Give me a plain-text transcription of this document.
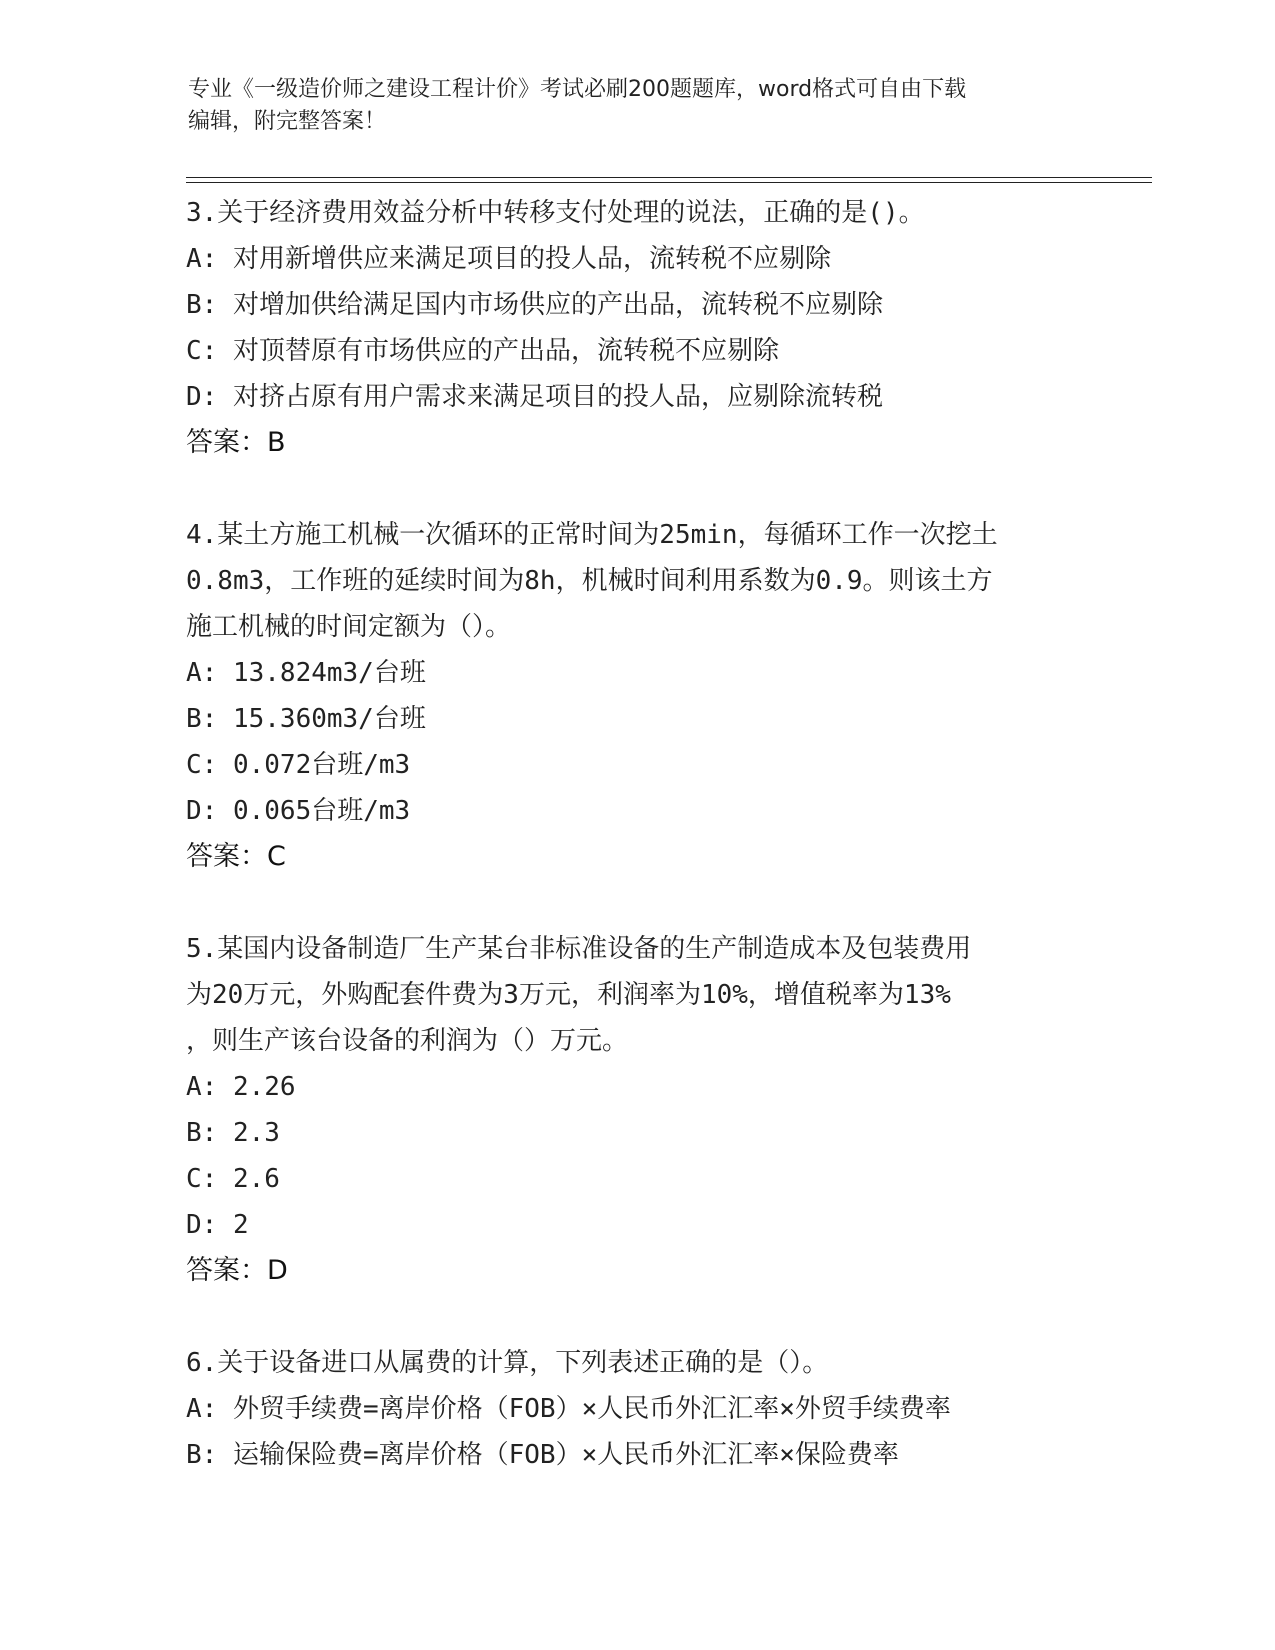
专业《一级造价师之建设工程计价》考试必刷200题题库，word格式可自由下载
编辑，附完整答案！
3.关于经济费用效益分析中转移支付处理的说法，正确的是()。
A: 对用新增供应来满足项目的投人品，流转税不应剔除
B: 对增加供给满足国内市场供应的产出品，流转税不应剔除
C: 对顶替原有市场供应的产出品，流转税不应剔除
D: 对挤占原有用户需求来满足项目的投人品，应剔除流转税
答案：B
4.某土方施工机械一次循环的正常时间为25min，每循环工作一次挖土
0.8m3，工作班的延续时间为8h，机械时间利用系数为0.9。则该土方
施工机械的时间定额为（）。
A: 13.824m3/台班
B: 15.360m3/台班
C: 0.072台班/m3
D: 0.065台班/m3
答案：C
5.某国内设备制造厂生产某台非标准设备的生产制造成本及包装费用
为20万元，外购配套件费为3万元，利润率为10%，增值税率为13%
，则生产该台设备的利润为（）万元。
A: 2.26
B: 2.3
C: 2.6
D: 2
答案：D
6.关于设备进口从属费的计算，下列表述正确的是（）。
A: 外贸手续费=离岸价格（FOB）×人民币外汇汇率×外贸手续费率
B: 运输保险费=离岸价格（FOB）×人民币外汇汇率×保险费率
